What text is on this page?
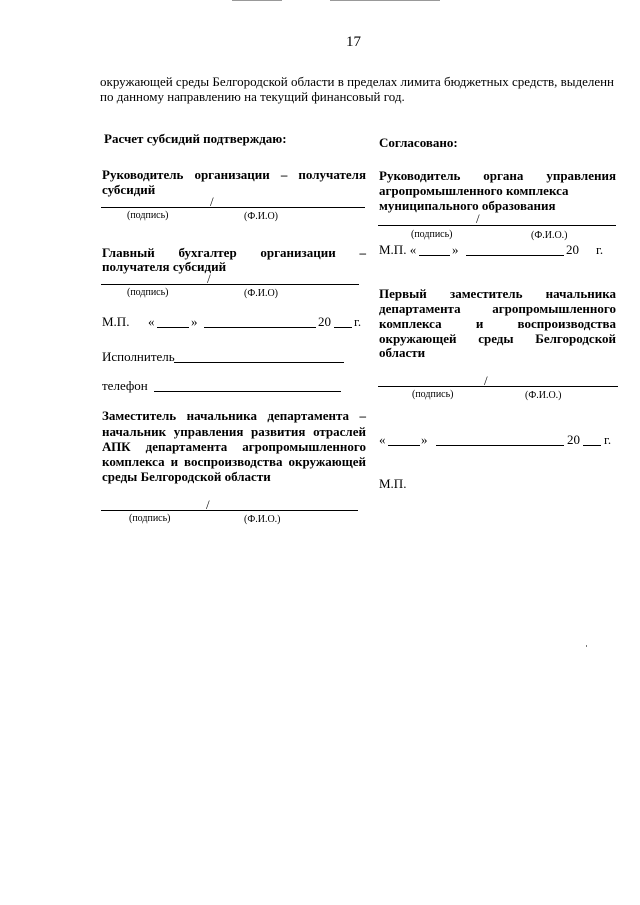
17
окружающей среды Белгородской области в пределах лимита бюджетных средств, выделенн
по данному направлению на текущий финансовый год.
Расчет субсидий подтверждаю:
Руководитель организации – получателя
субсидий
/
(подпись)	(Ф.И.О)
Главный бухгалтер организации –
получателя субсидий
/
(подпись)	(Ф.И.О)
М.П. «	»	20 г.
Исполнитель
телефон
Заместитель начальника департамента –
начальник управления развития отраслей
АПК департамента агропромышленного
комплекса и воспроизводства окружающей
среды Белгородской области
/
(подпись)	(Ф.И.О.)
Согласовано:
Руководитель органа управления
агропромышленного комплекса
муниципального образования
/
(подпись)	(Ф.И.О.)
М.П. «	»	20 г.
Первый заместитель начальника
департамента агропромышленного
комплекса	и	воспроизводства
окружающей среды Белгородской
области
/
(подпись)	(Ф.И.О.)
«	»	20 г.
М.П.
